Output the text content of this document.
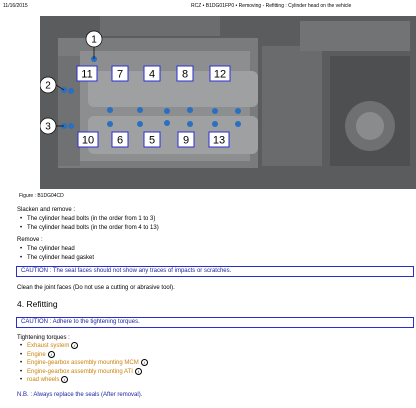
11/16/2015	RCZ • B1DG01FP0 • Removing - Refitting : Cylinder head on the vehicle
1
2
3
11 7 4 8 12
10 6 5	9 13
Figure : B1DG04CD
Slacken and remove :
• The cylinder head bolts (in the order from 1 to 3)
• The cylinder head bolts (in the order from 4 to 13)
Remove :
• The cylinder head
• The cylinder head gasket
CAUTION : The seal faces should not show any traces of impacts or scratches.
Clean the joint faces (Do not use a cutting or abrasive tool).
4. Refitting
CAUTION : Adhere to the tightening torques.
Tightening torques :
• Exhaust system i
• Engine i
• Engine-gearbox assembly mounting MCM i
• Engine-gearbox assembly mounting ATI i
• road wheels i
N.B. : Always replace the seals (After removal).
